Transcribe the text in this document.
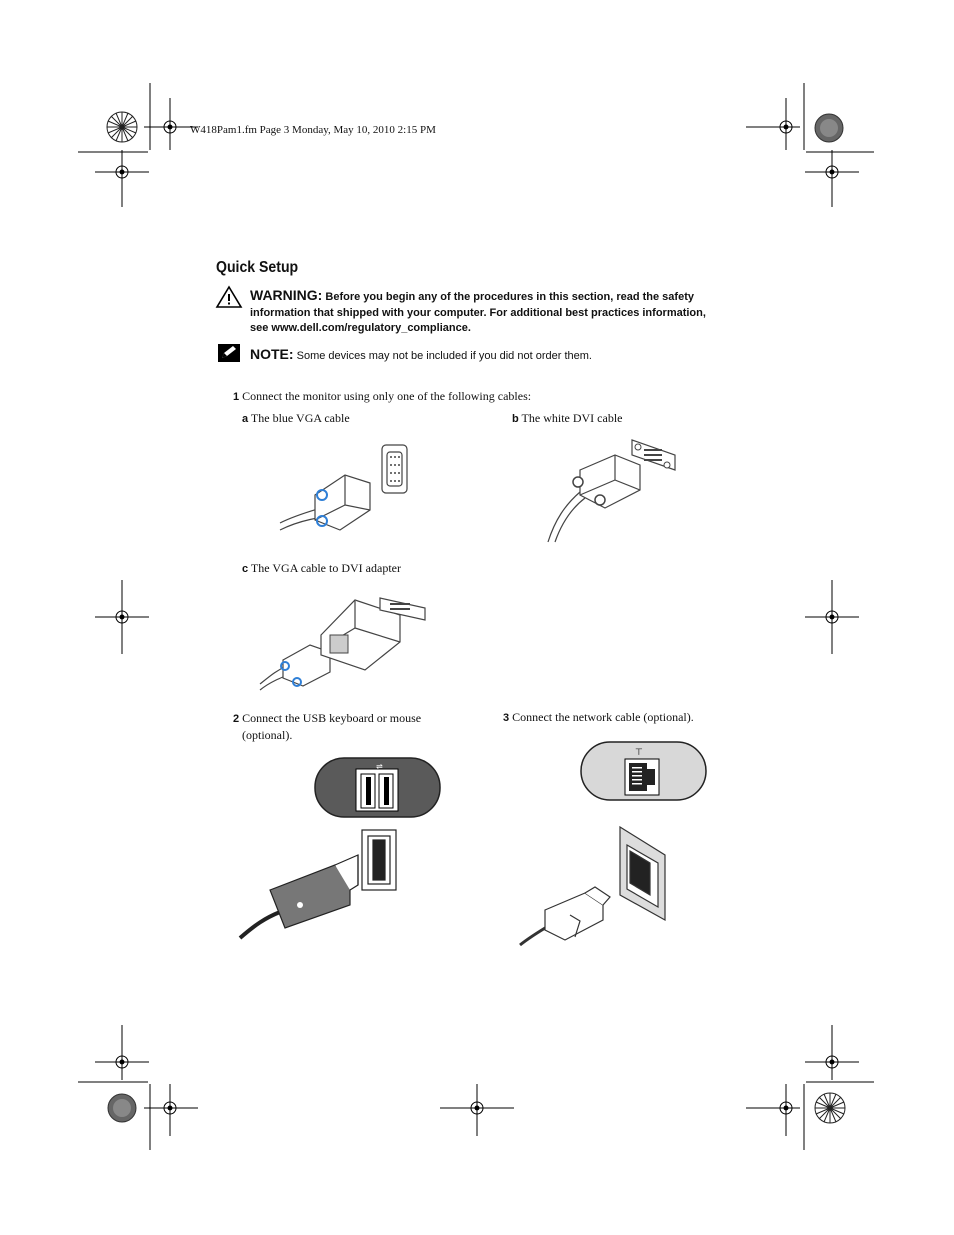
W418Pam1.fm Page 3 Monday, May 10, 2010 2:15 PM
Quick Setup
WARNING: Before you begin any of the procedures in this section, read the safety information that shipped with your computer. For additional best practices information, see www.dell.com/regulatory_compliance.
NOTE: Some devices may not be included if you did not order them.
1 Connect the monitor using only one of the following cables:
a The blue VGA cable	b The white DVI cable
c The VGA cable to DVI adapter
2 Connect the USB keyboard or mouse
(optional).
3 Connect the network cable (optional).
⇌
⊤
